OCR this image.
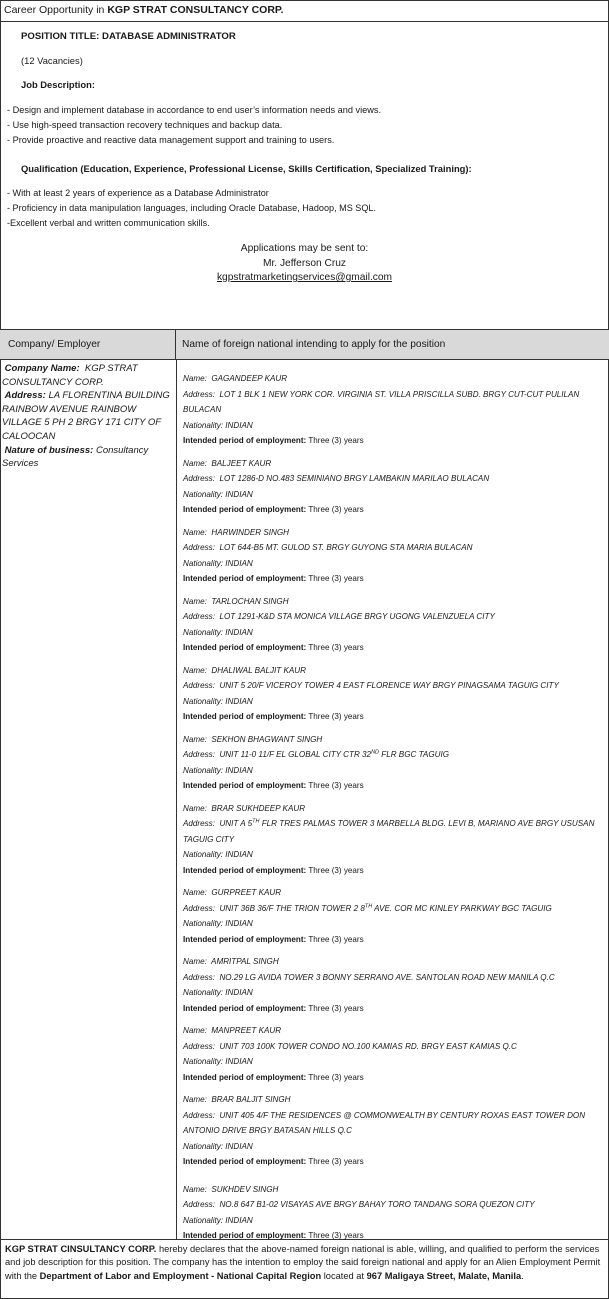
Career Opportunity in KGP STRAT CONSULTANCY CORP.
POSITION TITLE: DATABASE ADMINISTRATOR
(12 Vacancies)
Job Description:
- Design and implement database in accordance to end user’s information needs and views.
- Use high-speed transaction recovery techniques and backup data.
- Provide proactive and reactive data management support and training to users.
Qualification (Education, Experience, Professional License, Skills Certification, Specialized Training):
- With at least 2 years of experience as a Database Administrator
- Proficiency in data manipulation languages, including Oracle Database, Hadoop, MS SQL.
-Excellent verbal and written communication skills.
Applications may be sent to:
Mr. Jefferson Cruz
kgpstratmarketingservices@gmail.com
Company/ Employer	Name of foreign national intending to apply for the position
Company Name: KGP STRAT CONSULTANCY CORP.
Address: LA FLORENTINA BUILDING RAINBOW AVENUE RAINBOW VILLAGE 5 PH 2 BRGY 171 CITY OF CALOOCAN
Nature of business: Consultancy Services
Name: GAGANDEEP KAUR
Address: LOT 1 BLK 1 NEW YORK COR. VIRGINIA ST. VILLA PRISCILLA SUBD. BRGY CUT-CUT PULILAN BULACAN
Nationality: INDIAN
Intended period of employment: Three (3) years
Name: BALJEET KAUR
Address: LOT 1286-D NO.483 SEMINIANO BRGY LAMBAKIN MARILAO BULACAN
Nationality: INDIAN
Intended period of employment: Three (3) years
Name: HARWINDER SINGH
Address: LOT 644-B5 MT. GULOD ST. BRGY GUYONG STA MARIA BULACAN
Nationality: INDIAN
Intended period of employment: Three (3) years
Name: TARLOCHAN SINGH
Address: LOT 1291-K&D STA MONICA VILLAGE BRGY UGONG VALENZUELA CITY
Nationality: INDIAN
Intended period of employment: Three (3) years
Name: DHALIWAL BALJIT KAUR
Address: UNIT 5 20/F VICEROY TOWER 4 EAST FLORENCE WAY BRGY PINAGSAMA TAGUIG CITY
Nationality: INDIAN
Intended period of employment: Three (3) years
Name: SEKHON BHAGWANT SINGH
Address: UNIT 11-0 11/F EL GLOBAL CITY CTR 32ND FLR BGC TAGUIG
Nationality: INDIAN
Intended period of employment: Three (3) years
Name: BRAR SUKHDEEP KAUR
Address: UNIT A 5TH FLR TRES PALMAS TOWER 3 MARBELLA BLDG. LEVI B, MARIANO AVE BRGY USUSAN TAGUIG CITY
Nationality: INDIAN
Intended period of employment: Three (3) years
Name: GURPREET KAUR
Address: UNIT 36B 36/F THE TRION TOWER 2 8TH AVE. COR MC KINLEY PARKWAY BGC TAGUIG
Nationality: INDIAN
Intended period of employment: Three (3) years
Name: AMRITPAL SINGH
Address: NO.29 LG AVIDA TOWER 3 BONNY SERRANO AVE. SANTOLAN ROAD NEW MANILA Q.C
Nationality: INDIAN
Intended period of employment: Three (3) years
Name: MANPREET KAUR
Address: UNIT 703 100K TOWER CONDO NO.100 KAMIAS RD. BRGY EAST KAMIAS Q.C
Nationality: INDIAN
Intended period of employment: Three (3) years
Name: BRAR BALJIT SINGH
Address: UNIT 405 4/F THE RESIDENCES @ COMMONWEALTH BY CENTURY ROXAS EAST TOWER DON ANTONIO DRIVE BRGY BATASAN HILLS Q.C
Nationality: INDIAN
Intended period of employment: Three (3) years
Name: SUKHDEV SINGH
Address: NO.8 647 B1-02 VISAYAS AVE BRGY BAHAY TORO TANDANG SORA QUEZON CITY
Nationality: INDIAN
Intended period of employment: Three (3) years
KGP STRAT CINSULTANCY CORP. hereby declares that the above-named foreign national is able, willing, and qualified to perform the services and job description for this position. The company has the intention to employ the said foreign national and apply for an Alien Employment Permit with the Department of Labor and Employment - National Capital Region located at 967 Maligaya Street, Malate, Manila.
